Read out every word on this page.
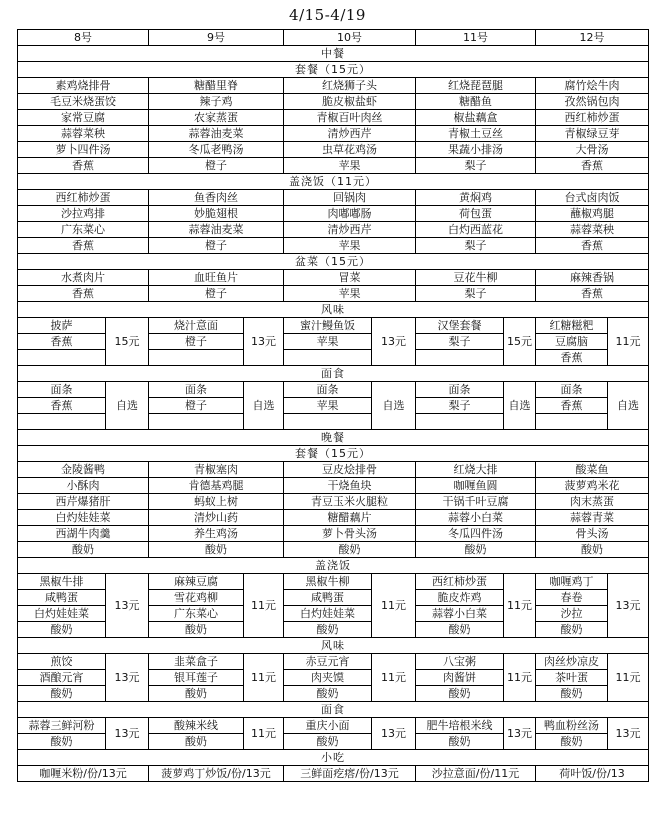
4/15-4/19
8号		9号		10号		11号		12号	
中餐									
套餐（15元）									
素鸡烧排骨		糖醋里脊		红烧狮子头		红烧琵琶腿		腐竹烩牛肉	
毛豆米烧蛋饺		辣子鸡		脆皮椒盐虾		糖醋鱼		孜然锅包肉	
家常豆腐		农家蒸蛋		青椒百叶肉丝		椒盐藕盒		西红柿炒蛋	
蒜蓉菜秧		蒜蓉油麦菜		清炒西芹		青椒土豆丝		青椒绿豆芽	
萝卜四件汤		冬瓜老鸭汤		虫草花鸡汤		果蔬小排汤		大骨汤	
香蕉		橙子		苹果		梨子		香蕉	
盖浇饭（11元）									
西红柿炒蛋		鱼香肉丝		回锅肉		黄焖鸡		台式卤肉饭	
沙拉鸡排		妙脆翅根		肉嘟嘟肠		荷包蛋		蘸椒鸡腿	
广东菜心		蒜蓉油麦菜		清炒西芹		白灼西蓝花		蒜蓉菜秧	
香蕉		橙子		苹果		梨子		香蕉	
盆菜（15元）									
水煮肉片		血旺鱼片		冒菜		豆花牛柳		麻辣香锅	
香蕉		橙子		苹果		梨子		香蕉	
风味									
披萨	15元	烧汁意面	13元	蜜汁鳗鱼饭	13元	汉堡套餐	15元	红糖糍粑	11元
香蕉		橙子		苹果		梨子		豆腐脑	
								香蕉	
面食									
面条	自选	面条	自选	面条	自选	面条	自选	面条	自选
香蕉		橙子		苹果		梨子		香蕉	

晚餐									
套餐（15元）									
金陵酱鸭		青椒塞肉		豆皮烩排骨		红烧大排		酸菜鱼	
小酥肉		肯德基鸡腿		干烧鱼块		咖喱鱼圆		菠萝鸡米花	
西芹爆猪肝		蚂蚁上树		青豆玉米火腿粒		干锅千叶豆腐		肉末蒸蛋	
白灼娃娃菜		清炒山药		糖醋藕片		蒜蓉小白菜		蒜蓉青菜	
西湖牛肉羹		养生鸡汤		萝卜骨头汤		冬瓜四件汤		骨头汤	
酸奶		酸奶		酸奶		酸奶		酸奶	
盖浇饭									
黑椒牛排	13元	麻辣豆腐	11元	黑椒牛柳	11元	西红柿炒蛋	11元	咖喱鸡丁	13元
咸鸭蛋		雪花鸡柳		咸鸭蛋		脆皮炸鸡		春卷	
白灼娃娃菜		广东菜心		白灼娃娃菜		蒜蓉小白菜		沙拉	
酸奶		酸奶		酸奶		酸奶		酸奶	
风味									
煎饺	13元	韭菜盒子	11元	赤豆元宵	11元	八宝粥	11元	肉丝炒凉皮	11元
酒酿元宵		银耳莲子		肉夹馍		肉酱饼		茶叶蛋	
酸奶		酸奶		酸奶		酸奶		酸奶	
面食									
蒜蓉三鲜河粉	13元	酸辣米线	11元	重庆小面	13元	肥牛培根米线	13元	鸭血粉丝汤	13元
酸奶		酸奶		酸奶		酸奶		酸奶	
小吃									
咖喱米粉/份/13元		菠萝鸡丁炒饭/份/13元		三鲜面疙瘩/份/13元		沙拉意面/份/11元		荷叶饭/份/13	
